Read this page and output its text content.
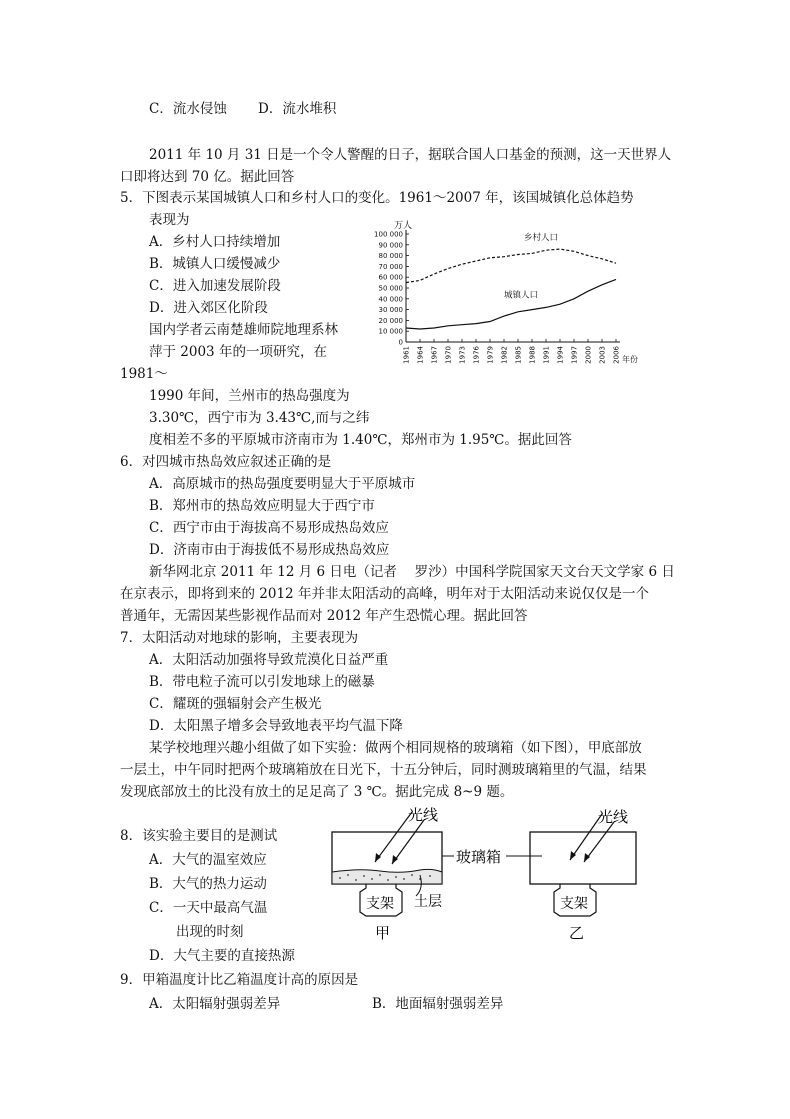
C．流水侵蚀 D．流水堆积
2011 年 10 月 31 日是一个令人警醒的日子，据联合国人口基金的预测，这一天世界人
口即将达到 70 亿。据此回答
5．下图表示某国城镇人口和乡村人口的变化。1961～2007 年，该国城镇化总体趋势
表现为
A．乡村人口持续增加
B．城镇人口缓慢减少
C．进入加速发展阶段
D．进入郊区化阶段
0
10 000
20 000
30 000
40 000
50 000
60 000
70 000
80 000
90 000
100 000
1961 1964 1967 1970 1973 1976 1979 1982 1985 1988 1991 1994 1997 2000 2003 2006
万人
年份
乡村人口
城镇人口
国内学者云南楚雄师院地理系林
萍于 2003 年的一项研究，在
1981～
1990 年间，兰州市的热岛强度为
3.30℃，西宁市为 3.43℃,而与之纬
度相差不多的平原城市济南市为 1.40℃，郑州市为 1.95℃。据此回答
6．对四城市热岛效应叙述正确的是
A．高原城市的热岛强度要明显大于平原城市
B．郑州市的热岛效应明显大于西宁市
C．西宁市由于海拔高不易形成热岛效应
D．济南市由于海拔低不易形成热岛效应
新华网北京 2011 年 12 月 6 日电（记者　 罗沙）中国科学院国家天文台天文学家 6 日
在京表示，即将到来的 2012 年并非太阳活动的高峰，明年对于太阳活动来说仅仅是一个
普通年，无需因某些影视作品而对 2012 年产生恐慌心理。据此回答
7．太阳活动对地球的影响，主要表现为
A．太阳活动加强将导致荒漠化日益严重
B．带电粒子流可以引发地球上的磁暴
C．耀斑的强辐射会产生极光
D．太阳黑子增多会导致地表平均气温下降
某学校地理兴趣小组做了如下实验：做两个相同规格的玻璃箱（如下图），甲底部放
一层土，中午同时把两个玻璃箱放在日光下，十五分钟后，同时测玻璃箱里的气温，结果
发现底部放土的比没有放土的足足高了 3 ℃。据此完成 8~9 题。
8．该实验主要目的是测试
A．大气的温室效应
B．大气的热力运动
C．一天中最高气温
出现的时刻
D．大气主要的直接热源
光线
玻璃箱
土层
支架
甲
光线
支架
乙
9．甲箱温度计比乙箱温度计高的原因是
A．太阳辐射强弱差异	B．地面辐射强弱差异
